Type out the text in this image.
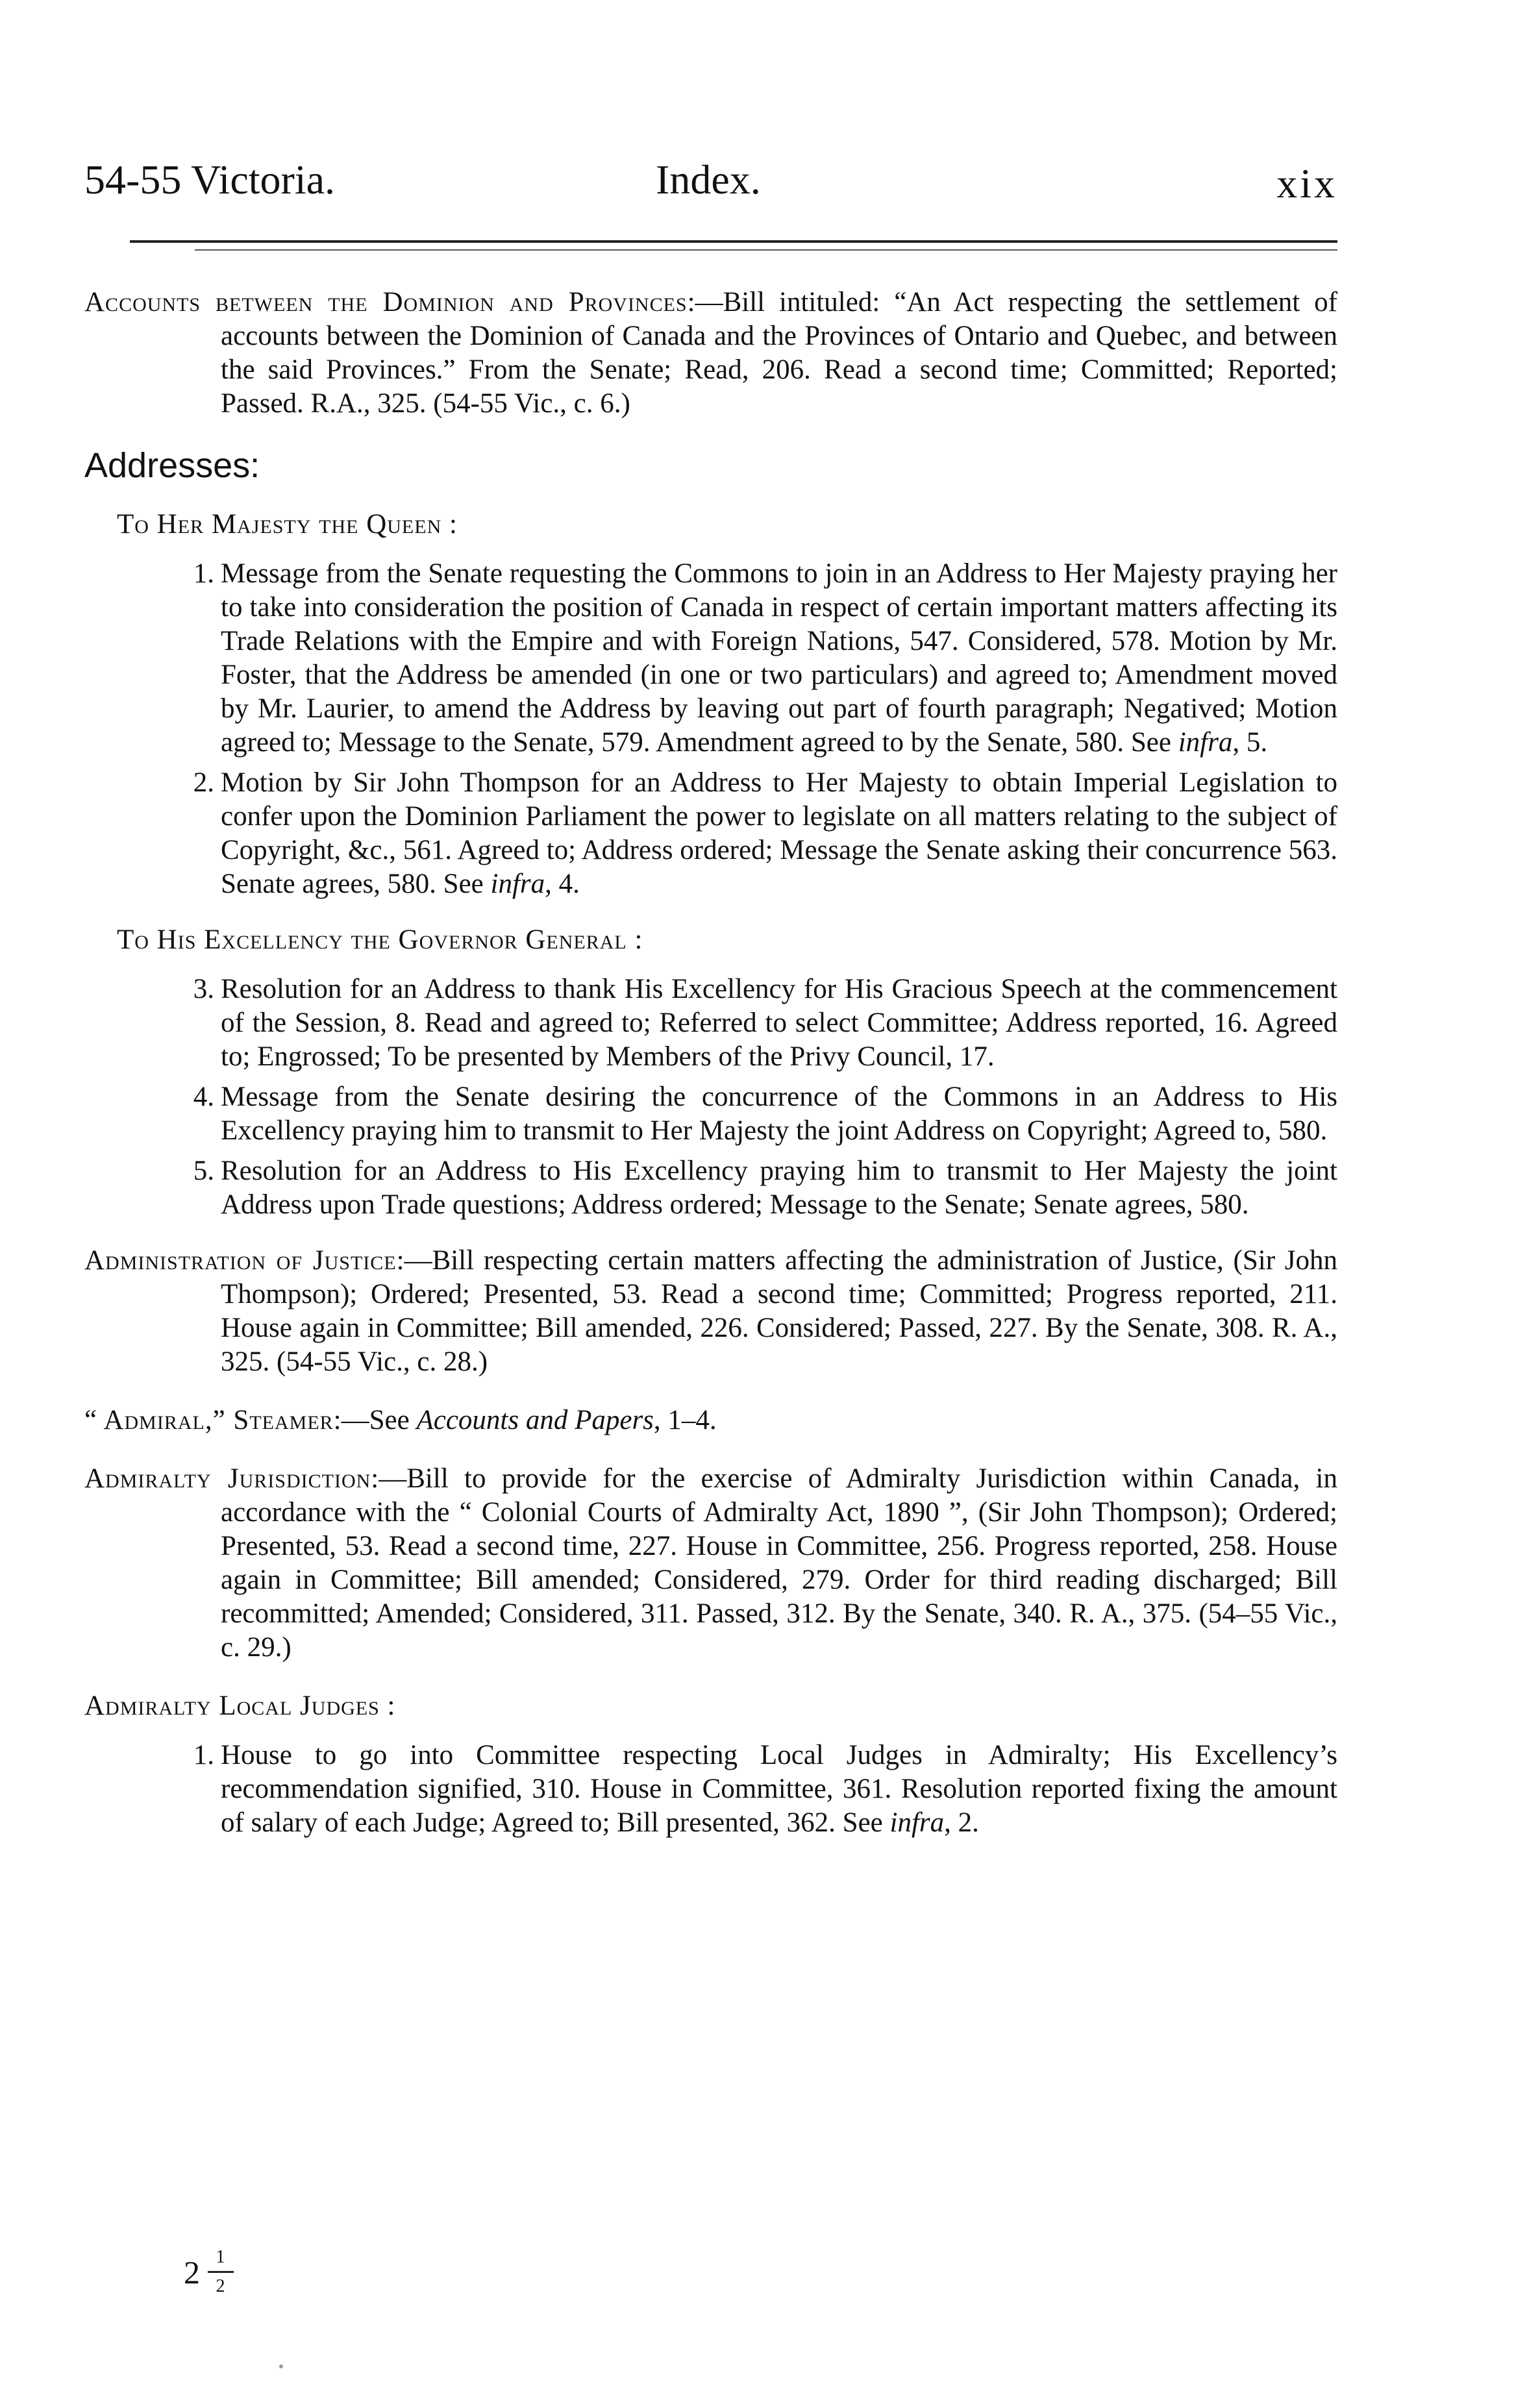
54-55 Victoria.	Index.	xix
Accounts between the Dominion and Provinces:—Bill intituled: “An Act respecting the settlement of accounts between the Dominion of Canada and the Provinces of Ontario and Quebec, and between the said Provinces.” From the Senate; Read, 206. Read a second time; Committed; Reported; Passed. R.A., 325. (54-55 Vic., c. 6.)
Addresses:
To Her Majesty the Queen :
1. Message from the Senate requesting the Commons to join in an Address to Her Majesty praying her to take into consideration the position of Canada in respect of certain important matters affecting its Trade Relations with the Empire and with Foreign Nations, 547. Considered, 578. Motion by Mr. Foster, that the Address be amended (in one or two particulars) and agreed to; Amendment moved by Mr. Laurier, to amend the Address by leaving out part of fourth paragraph; Negatived; Motion agreed to; Message to the Senate, 579. Amendment agreed to by the Senate, 580. See infra, 5.
2. Motion by Sir John Thompson for an Address to Her Majesty to obtain Imperial Legislation to confer upon the Dominion Parliament the power to legislate on all matters relating to the subject of Copyright, &c., 561. Agreed to; Address ordered; Message the Senate asking their concurrence 563. Senate agrees, 580. See infra, 4.
To His Excellency the Governor General :
3. Resolution for an Address to thank His Excellency for His Gracious Speech at the commencement of the Session, 8. Read and agreed to; Referred to select Committee; Address reported, 16. Agreed to; Engrossed; To be presented by Members of the Privy Council, 17.
4. Message from the Senate desiring the concurrence of the Commons in an Address to His Excellency praying him to transmit to Her Majesty the joint Address on Copyright; Agreed to, 580.
5. Resolution for an Address to His Excellency praying him to transmit to Her Majesty the joint Address upon Trade questions; Address ordered; Message to the Senate; Senate agrees, 580.
Administration of Justice:—Bill respecting certain matters affecting the administration of Justice, (Sir John Thompson); Ordered; Presented, 53. Read a second time; Committed; Progress reported, 211. House again in Committee; Bill amended, 226. Considered; Passed, 227. By the Senate, 308. R. A., 325. (54-55 Vic., c. 28.)
“ Admiral,” Steamer:—See Accounts and Papers, 1–4.
Admiralty Jurisdiction:—Bill to provide for the exercise of Admiralty Jurisdiction within Canada, in accordance with the “ Colonial Courts of Admiralty Act, 1890 ”, (Sir John Thompson); Ordered; Presented, 53. Read a second time, 227. House in Committee, 256. Progress reported, 258. House again in Committee; Bill amended; Considered, 279. Order for third reading discharged; Bill recommitted; Amended; Considered, 311. Passed, 312. By the Senate, 340. R. A., 375. (54–55 Vic., c. 29.)
Admiralty Local Judges :
1. House to go into Committee respecting Local Judges in Admiralty; His Excellency’s recommendation signified, 310. House in Committee, 361. Resolution reported fixing the amount of salary of each Judge; Agreed to; Bill presented, 362. See infra, 2.
$2 \frac{1}{2}$
